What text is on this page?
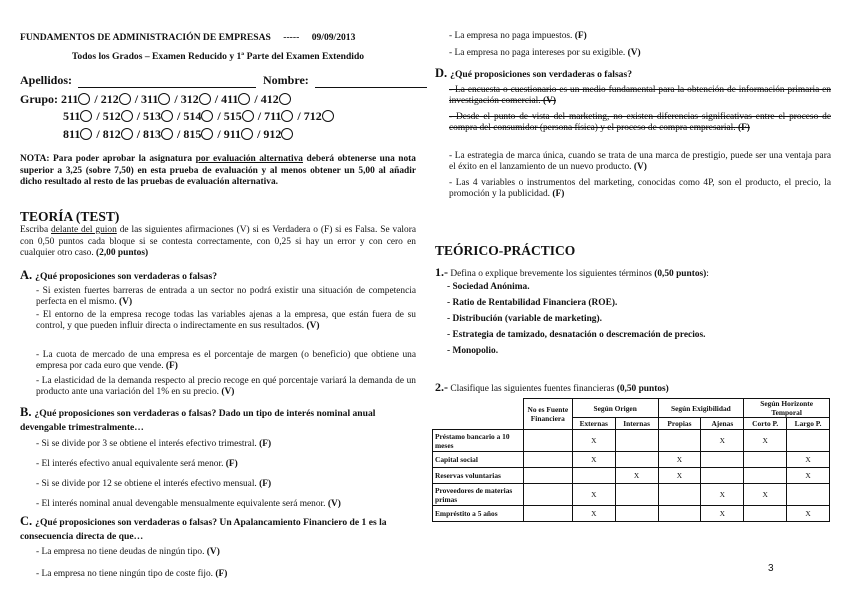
FUNDAMENTOS DE ADMINISTRACIÓN DE EMPRESAS ----- 09/09/2013
Todos los Grados – Examen Reducido y 1ª Parte del Examen Extendido
Apellidos:	Nombre:
Grupo: 211 / 212 / 311 / 312 / 411 / 412
511 / 512 / 513 / 514 / 515 / 711 / 712
811 / 812 / 813 / 815 / 911 / 912
NOTA: Para poder aprobar la asignatura por evaluación alternativa deberá obtenerse una nota superior a 3,25 (sobre 7,50) en esta prueba de evaluación y al menos obtener un 5,00 al añadir dicho resultado al resto de las pruebas de evaluación alternativa.
TEORÍA (TEST)
Escriba delante del guion de las siguientes afirmaciones (V) si es Verdadera o (F) si es Falsa. Se valora con 0,50 puntos cada bloque si se contesta correctamente, con 0,25 si hay un error y con cero en cualquier otro caso. (2,00 puntos)
A. ¿Qué proposiciones son verdaderas o falsas?
- Si existen fuertes barreras de entrada a un sector no podrá existir una situación de competencia perfecta en el mismo. (V)
- El entorno de la empresa recoge todas las variables ajenas a la empresa, que están fuera de su control, y que pueden influir directa o indirectamente en sus resultados. (V)
- La cuota de mercado de una empresa es el porcentaje de margen (o beneficio) que obtiene una empresa por cada euro que vende. (F)
- La elasticidad de la demanda respecto al precio recoge en qué porcentaje variará la demanda de un producto ante una variación del 1% en su precio. (V)
B. ¿Qué proposiciones son verdaderas o falsas? Dado un tipo de interés nominal anual devengable trimestralmente…
- Si se divide por 3 se obtiene el interés efectivo trimestral. (F)
- El interés efectivo anual equivalente será menor. (F)
- Si se divide por 12 se obtiene el interés efectivo mensual. (F)
- El interés nominal anual devengable mensualmente equivalente será menor. (V)
C. ¿Qué proposiciones son verdaderas o falsas? Un Apalancamiento Financiero de 1 es la consecuencia directa de que…
- La empresa no tiene deudas de ningún tipo. (V)
- La empresa no tiene ningún tipo de coste fijo. (F)
- La empresa no paga impuestos. (F)
- La empresa no paga intereses por su exigible. (V)
D. ¿Qué proposiciones son verdaderas o falsas?
- La encuesta o cuestionario es un medio fundamental para la obtención de información primaria en investigación comercial. (V)
- Desde el punto de vista del marketing, no existen diferencias significativas entre el proceso de compra del consumidor (persona física) y el proceso de compra empresarial. (F)
- La estrategia de marca única, cuando se trata de una marca de prestigio, puede ser una ventaja para el éxito en el lanzamiento de un nuevo producto. (V)
- Las 4 variables o instrumentos del marketing, conocidas como 4P, son el producto, el precio, la promoción y la publicidad. (F)
TEÓRICO-PRÁCTICO
1.- Defina o explique brevemente los siguientes términos (0,50 puntos):
- Sociedad Anónima.
- Ratio de Rentabilidad Financiera (ROE).
- Distribución (variable de marketing).
- Estrategia de tamizado, desnatación o descremación de precios.
- Monopolio.
2.- Clasifique las siguientes fuentes financieras (0,50 puntos)
	No es Fuente Financiera	Según Origen		Según Exigibilidad		Según Horizonte Temporal	
		Externas	Internas	Propias	Ajenas	Corto P.	Largo P.
Préstamo bancario a 10 meses		X			X	X	
Capital social		X		X			X
Reservas voluntarias			X	X			X
Proveedores de materias primas		X			X	X	
Empréstito a 5 años		X			X		X
3
